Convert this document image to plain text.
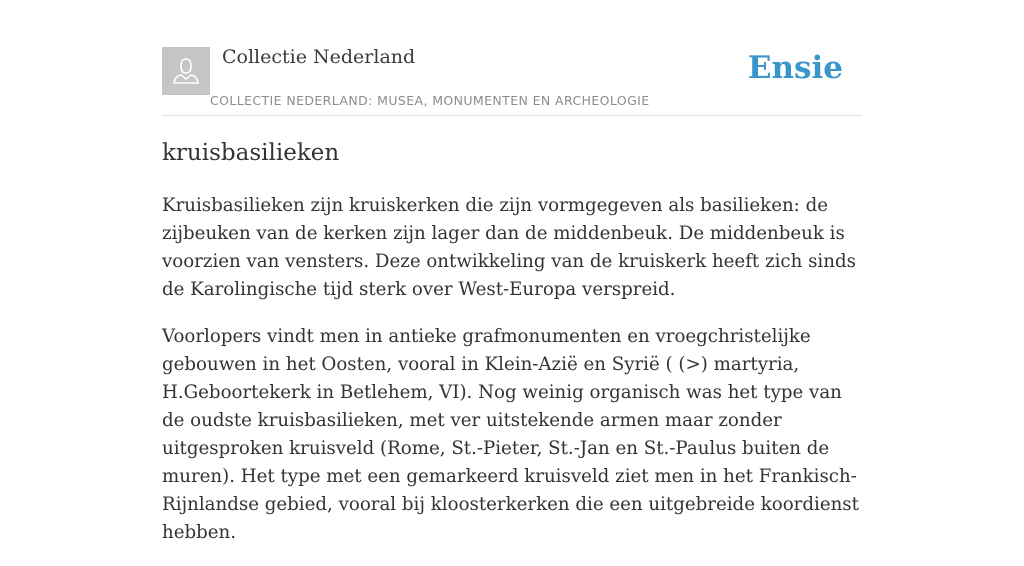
Collectie Nederland
COLLECTIE NEDERLAND: MUSEA, MONUMENTEN EN ARCHEOLOGIE
Ensie
kruisbasilieken

Kruisbasilieken zijn kruiskerken die zijn vormgegeven als basilieken: de zijbeuken van de kerken zijn lager dan de middenbeuk. De middenbeuk is voorzien van vensters. Deze ontwikkeling van de kruiskerk heeft zich sinds de Karolingische tijd sterk over West-Europa verspreid.

Voorlopers vindt men in antieke grafmonumenten en vroegchristelijke gebouwen in het Oosten, vooral in Klein-Azië en Syrië ( (>) martyria, H.Geboortekerk in Betlehem, VI). Nog weinig organisch was het type van de oudste kruisbasilieken, met ver uitstekende armen maar zonder uitgesproken kruisveld (Rome, St.-Pieter, St.-Jan en St.-Paulus buiten de muren). Het type met een gemarkeerd kruisveld ziet men in het Frankisch-Rijnlandse gebied, vooral bij kloosterkerken die een uitgebreide koordienst hebben.
